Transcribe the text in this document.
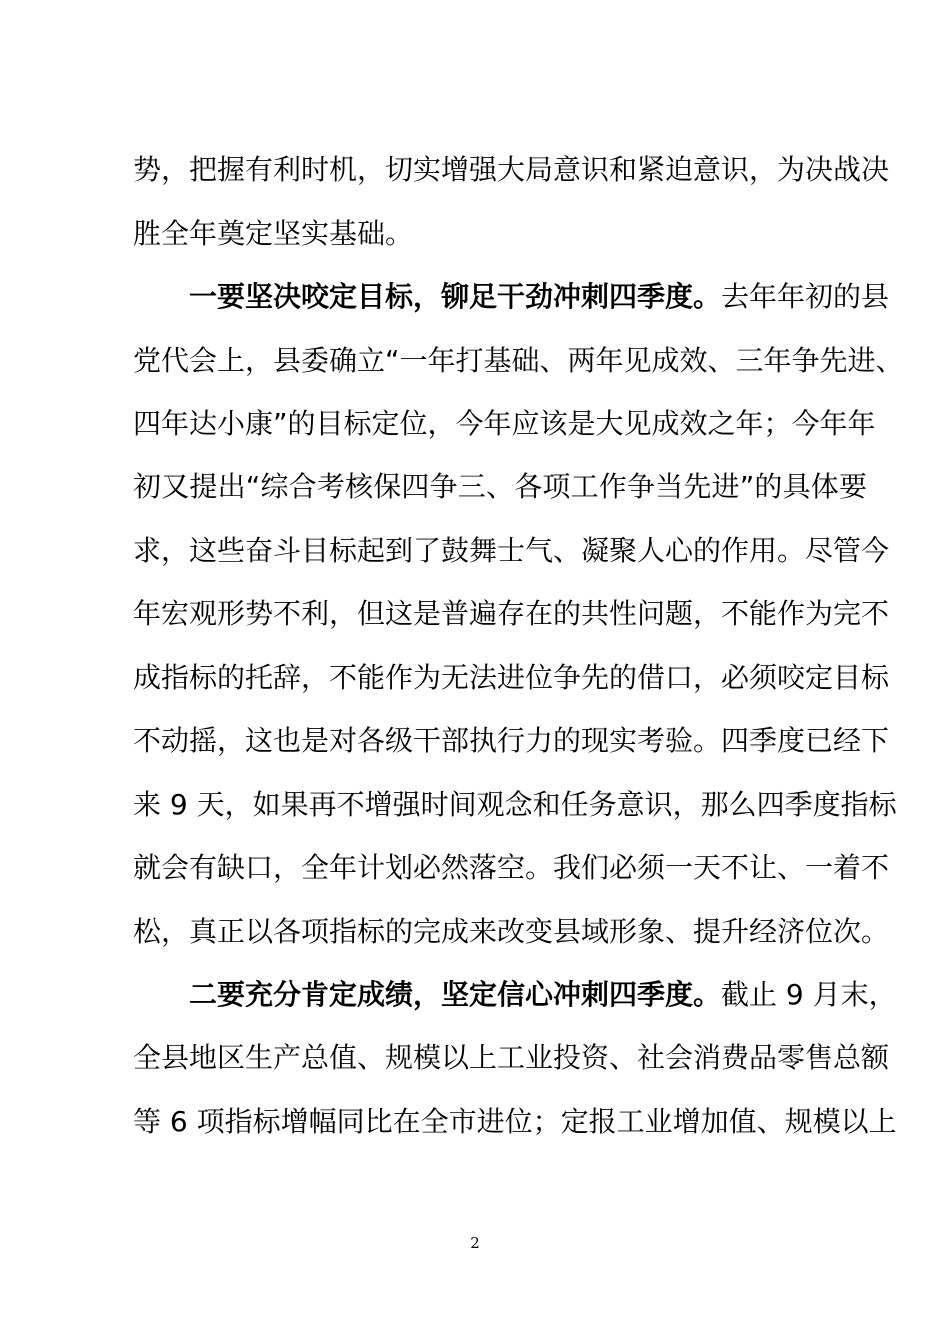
势，把握有利时机，切实增强大局意识和紧迫意识，为决战决
胜全年奠定坚实基础。
一要坚决咬定目标，铆足干劲冲刺四季度。去年年初的县
党代会上，县委确立“一年打基础、两年见成效、三年争先进、
四年达小康”的目标定位，今年应该是大见成效之年；今年年
初又提出“综合考核保四争三、各项工作争当先进”的具体要
求，这些奋斗目标起到了鼓舞士气、凝聚人心的作用。尽管今
年宏观形势不利，但这是普遍存在的共性问题，不能作为完不
成指标的托辞，不能作为无法进位争先的借口，必须咬定目标
不动摇，这也是对各级干部执行力的现实考验。四季度已经下
来 9 天，如果再不增强时间观念和任务意识，那么四季度指标
就会有缺口，全年计划必然落空。我们必须一天不让、一着不
松，真正以各项指标的完成来改变县域形象、提升经济位次。
二要充分肯定成绩，坚定信心冲刺四季度。截止 9 月末，
全县地区生产总值、规模以上工业投资、社会消费品零售总额
等 6 项指标增幅同比在全市进位；定报工业增加值、规模以上
2
